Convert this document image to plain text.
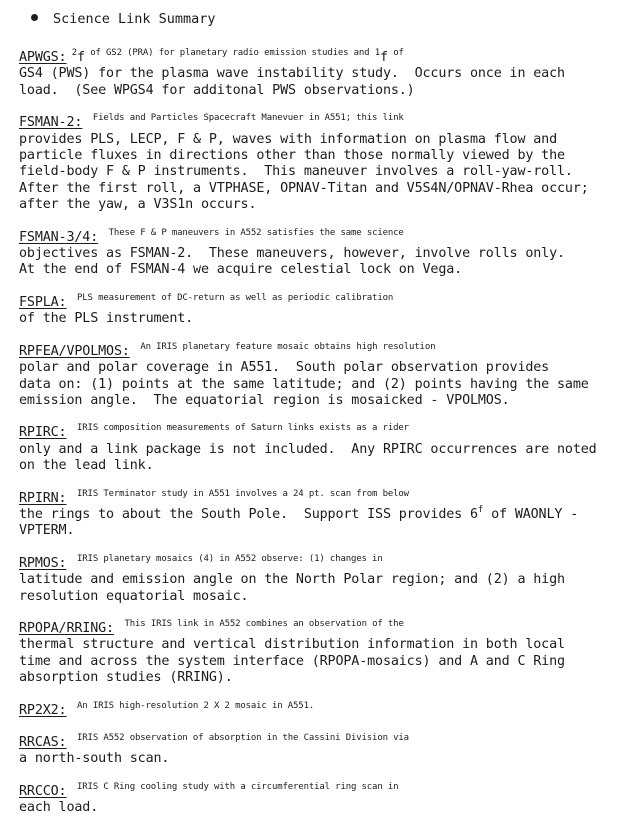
Science Link Summary
APWGS: $^2$f $^{of GS2 (PRA) for planetary radio emission studies and 1}$f $^{of}$
GS4 (PWS) for the plasma wave instability study.  Occurs once in each
load.  (See WPGS4 for additonal PWS observations.)
FSMAN-2:  $^{Fields and Particles Spacecraft Manevuer in A551; this link}$
provides PLS, LECP, F & P, waves with information on plasma flow and
particle fluxes in directions other than those normally viewed by the
field-body F & P instruments.  This maneuver involves a roll-yaw-roll.
After the first roll, a VTPHASE, OPNAV-Titan and V5S4N/OPNAV-Rhea occur;
after the yaw, a V3S1n occurs.
FSMAN-3/4:  $^{These F \& P maneuvers in A552 satisfies the same science}$
objectives as FSMAN-2.  These maneuvers, however, involve rolls only.
At the end of FSMAN-4 we acquire celestial lock on Vega.
FSPLA:  $^{PLS measurement of DC-return as well as periodic calibration}$
of the PLS instrument.
RPFEA/VPOLMOS:  $^{An IRIS planetary feature mosaic obtains high resolution}$
polar and polar coverage in A551.  South polar observation provides
data on: (1) points at the same latitude; and (2) points having the same
emission angle.  The equatorial region is mosaicked - VPOLMOS.
RPIRC:  $^{IRIS composition measurements of Saturn links exists as a rider}$
only and a link package is not included.  Any RPIRC occurrences are noted
on the lead link.
RPIRN:  $^{IRIS Terminator study in A551 involves a 24 pt. scan from below}$
the rings to about the South Pole.  Support ISS provides 6$^f$ of WAONLY -
VPTERM.
RPMOS:  $^{IRIS planetary mosaics (4) in A552 observe: (1) changes in}$
latitude and emission angle on the North Polar region; and (2) a high
resolution equatorial mosaic.
RPOPA/RRING:  $^{This IRIS link in A552 combines an observation of the}$
thermal structure and vertical distribution information in both local
time and across the system interface (RPOPA-mosaics) and A and C Ring
absorption studies (RRING).
RP2X2:  $^{An IRIS high-resolution 2 X 2 mosaic in A551.}$
RRCAS:  $^{IRIS A552 observation of absorption in the Cassini Division via}$
a north-south scan.
RRCCO:  $^{IRIS C Ring cooling study with a circumferential ring scan in}$
each load.
